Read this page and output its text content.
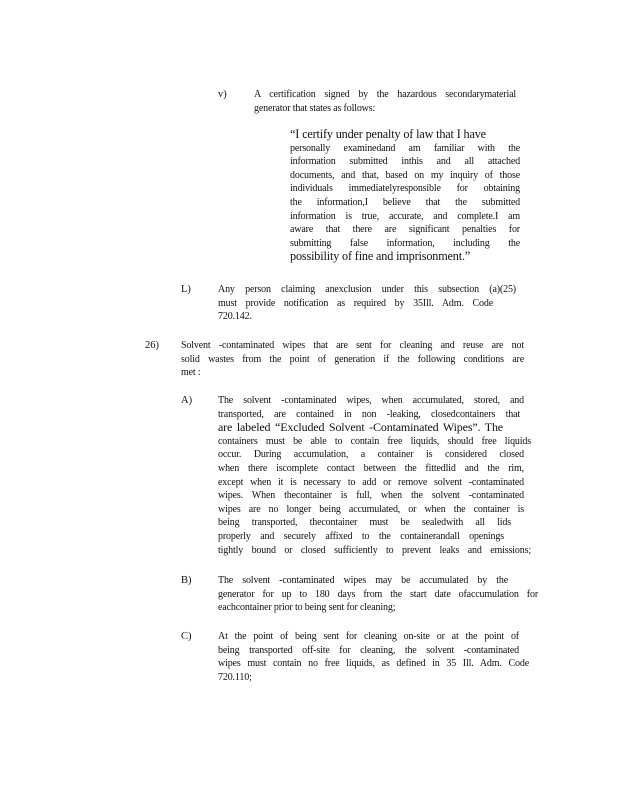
v)	A certification signed by the hazardous secondarymaterial
generator that states as follows:
“I certify under penalty of law that I have
personally examinedand am familiar with the
information submitted inthis and all attached
documents, and that, based on my inquiry of those
individuals immediatelyresponsible for obtaining
the information,I believe that the submitted
information is true, accurate, and complete.I am
aware that there are significant penalties for
submitting false information, including the
possibility of fine and imprisonment.”
L)	Any person claiming anexclusion under this subsection (a)(25)
must provide notification as required by 35Ill. Adm. Code
720.142.
26) Solvent -contaminated wipes that are sent for cleaning and reuse are not
solid wastes from the point of generation if the following conditions are
met :
A)	The solvent -contaminated wipes, when accumulated, stored, and
transported, are contained in non -leaking, closedcontainers that
are labeled “Excluded Solvent -Contaminated Wipes”. The
containers must be able to contain free liquids, should free liquids
occur. During accumulation, a container is considered closed
when there iscomplete contact between the fittedlid and the rim,
except when it is necessary to add or remove solvent -contaminated
wipes. When thecontainer is full, when the solvent -contaminated
wipes are no longer being accumulated, or when the container is
being transported, thecontainer must be sealedwith all lids
properly and securely affixed to the containerandall openings
tightly bound or closed sufficiently to prevent leaks and emissions;
B)	The solvent -contaminated wipes may be accumulated by the
generator for up to 180 days from the start date ofaccumulation for
eachcontainer prior to being sent for cleaning;
C)	At the point of being sent for cleaning on-site or at the point of
being transported off-site for cleaning, the solvent -contaminated
wipes must contain no free liquids, as defined in 35 Ill. Adm. Code
720.110;
